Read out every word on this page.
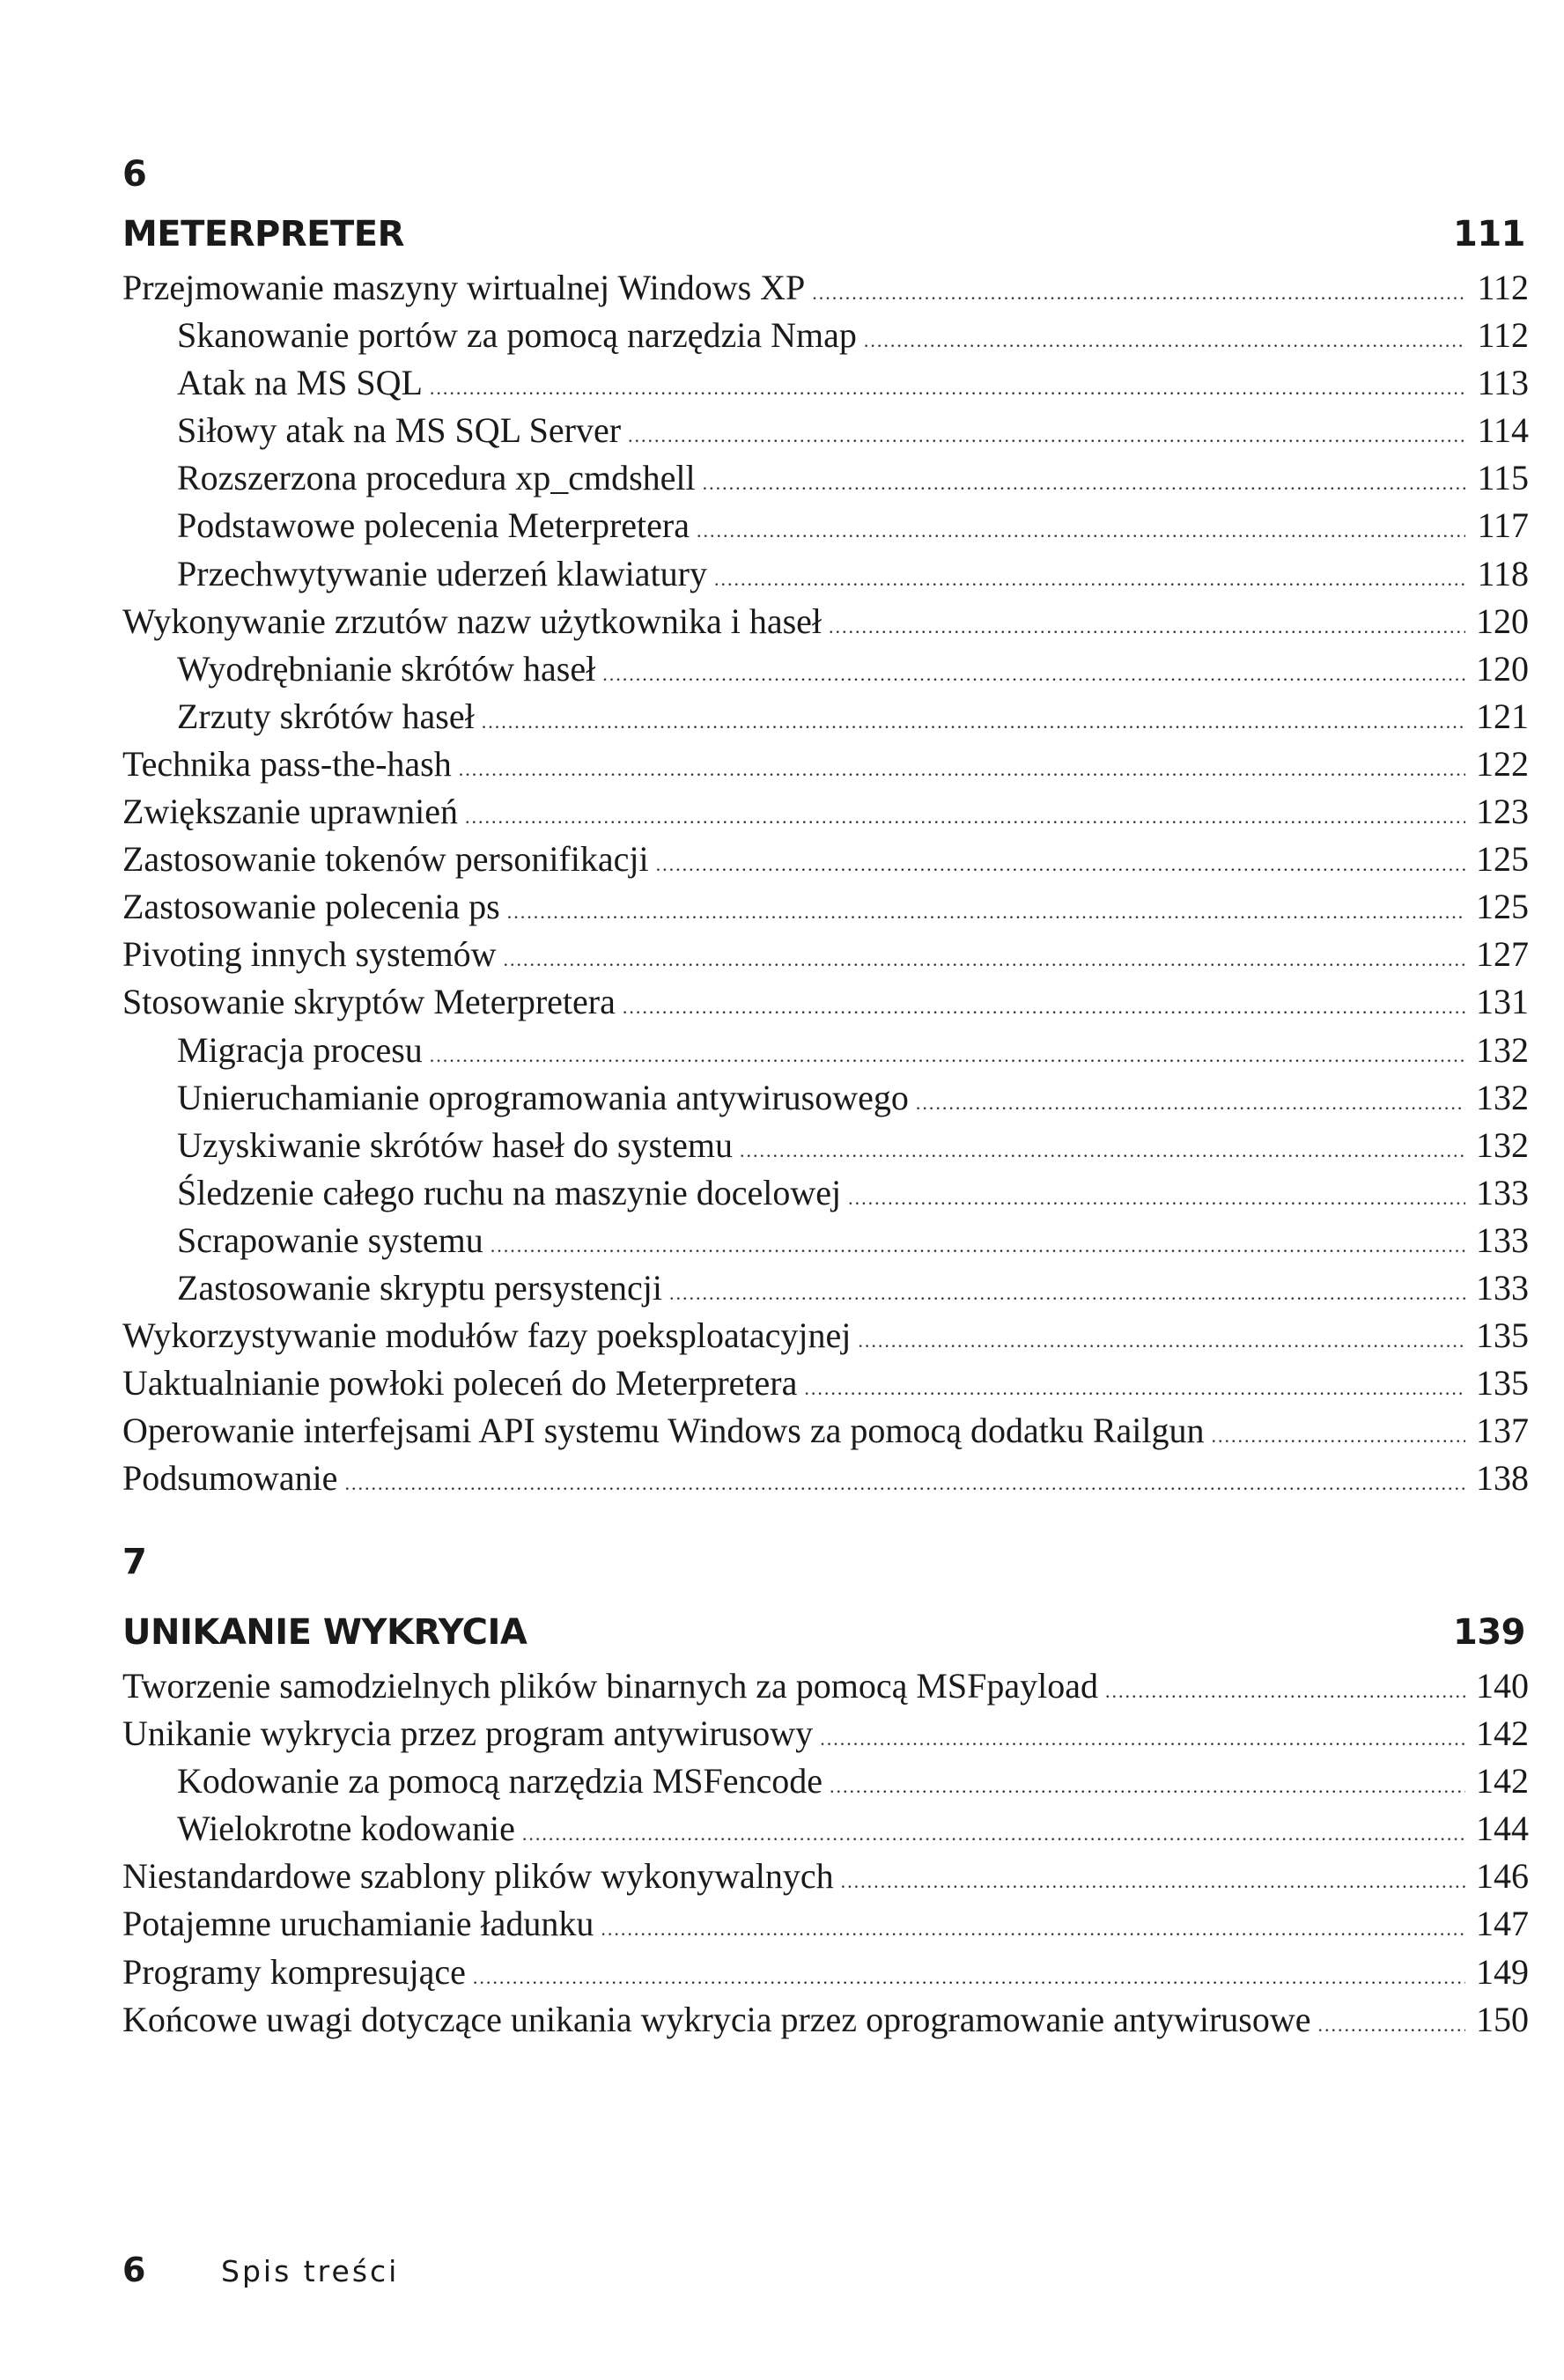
6
METERPRETER	111
Przejmowanie maszyny wirtualnej Windows XP .....	112
Skanowanie portów za pomocą narzędzia Nmap .....	112
Atak na MS SQL .....	113
Siłowy atak na MS SQL Server .....	114
Rozszerzona procedura xp_cmdshell .....	115
Podstawowe polecenia Meterpretera .....	117
Przechwytywanie uderzeń klawiatury .....	118
Wykonywanie zrzutów nazw użytkownika i haseł .....	120
Wyodrębnianie skrótów haseł .....	120
Zrzuty skrótów haseł .....	121
Technika pass-the-hash .....	122
Zwiększanie uprawnień .....	123
Zastosowanie tokenów personifikacji .....	125
Zastosowanie polecenia ps .....	125
Pivoting innych systemów .....	127
Stosowanie skryptów Meterpretera .....	131
Migracja procesu .....	132
Unieruchamianie oprogramowania antywirusowego .....	132
Uzyskiwanie skrótów haseł do systemu .....	132
Śledzenie całego ruchu na maszynie docelowej .....	133
Scrapowanie systemu .....	133
Zastosowanie skryptu persystencji .....	133
Wykorzystywanie modułów fazy poeksploatacyjnej .....	135
Uaktualnianie powłoki poleceń do Meterpretera .....	135
Operowanie interfejsami API systemu Windows za pomocą dodatku Railgun .....	137
Podsumowanie .....	138
7
UNIKANIE WYKRYCIA	139
Tworzenie samodzielnych plików binarnych za pomocą MSFpayload .....	140
Unikanie wykrycia przez program antywirusowy .....	142
Kodowanie za pomocą narzędzia MSFencode .....	142
Wielokrotne kodowanie .....	144
Niestandardowe szablony plików wykonywalnych .....	146
Potajemne uruchamianie ładunku .....	147
Programy kompresujące .....	149
Końcowe uwagi dotyczące unikania wykrycia przez oprogramowanie antywirusowe .....	150
6	Spis treści
